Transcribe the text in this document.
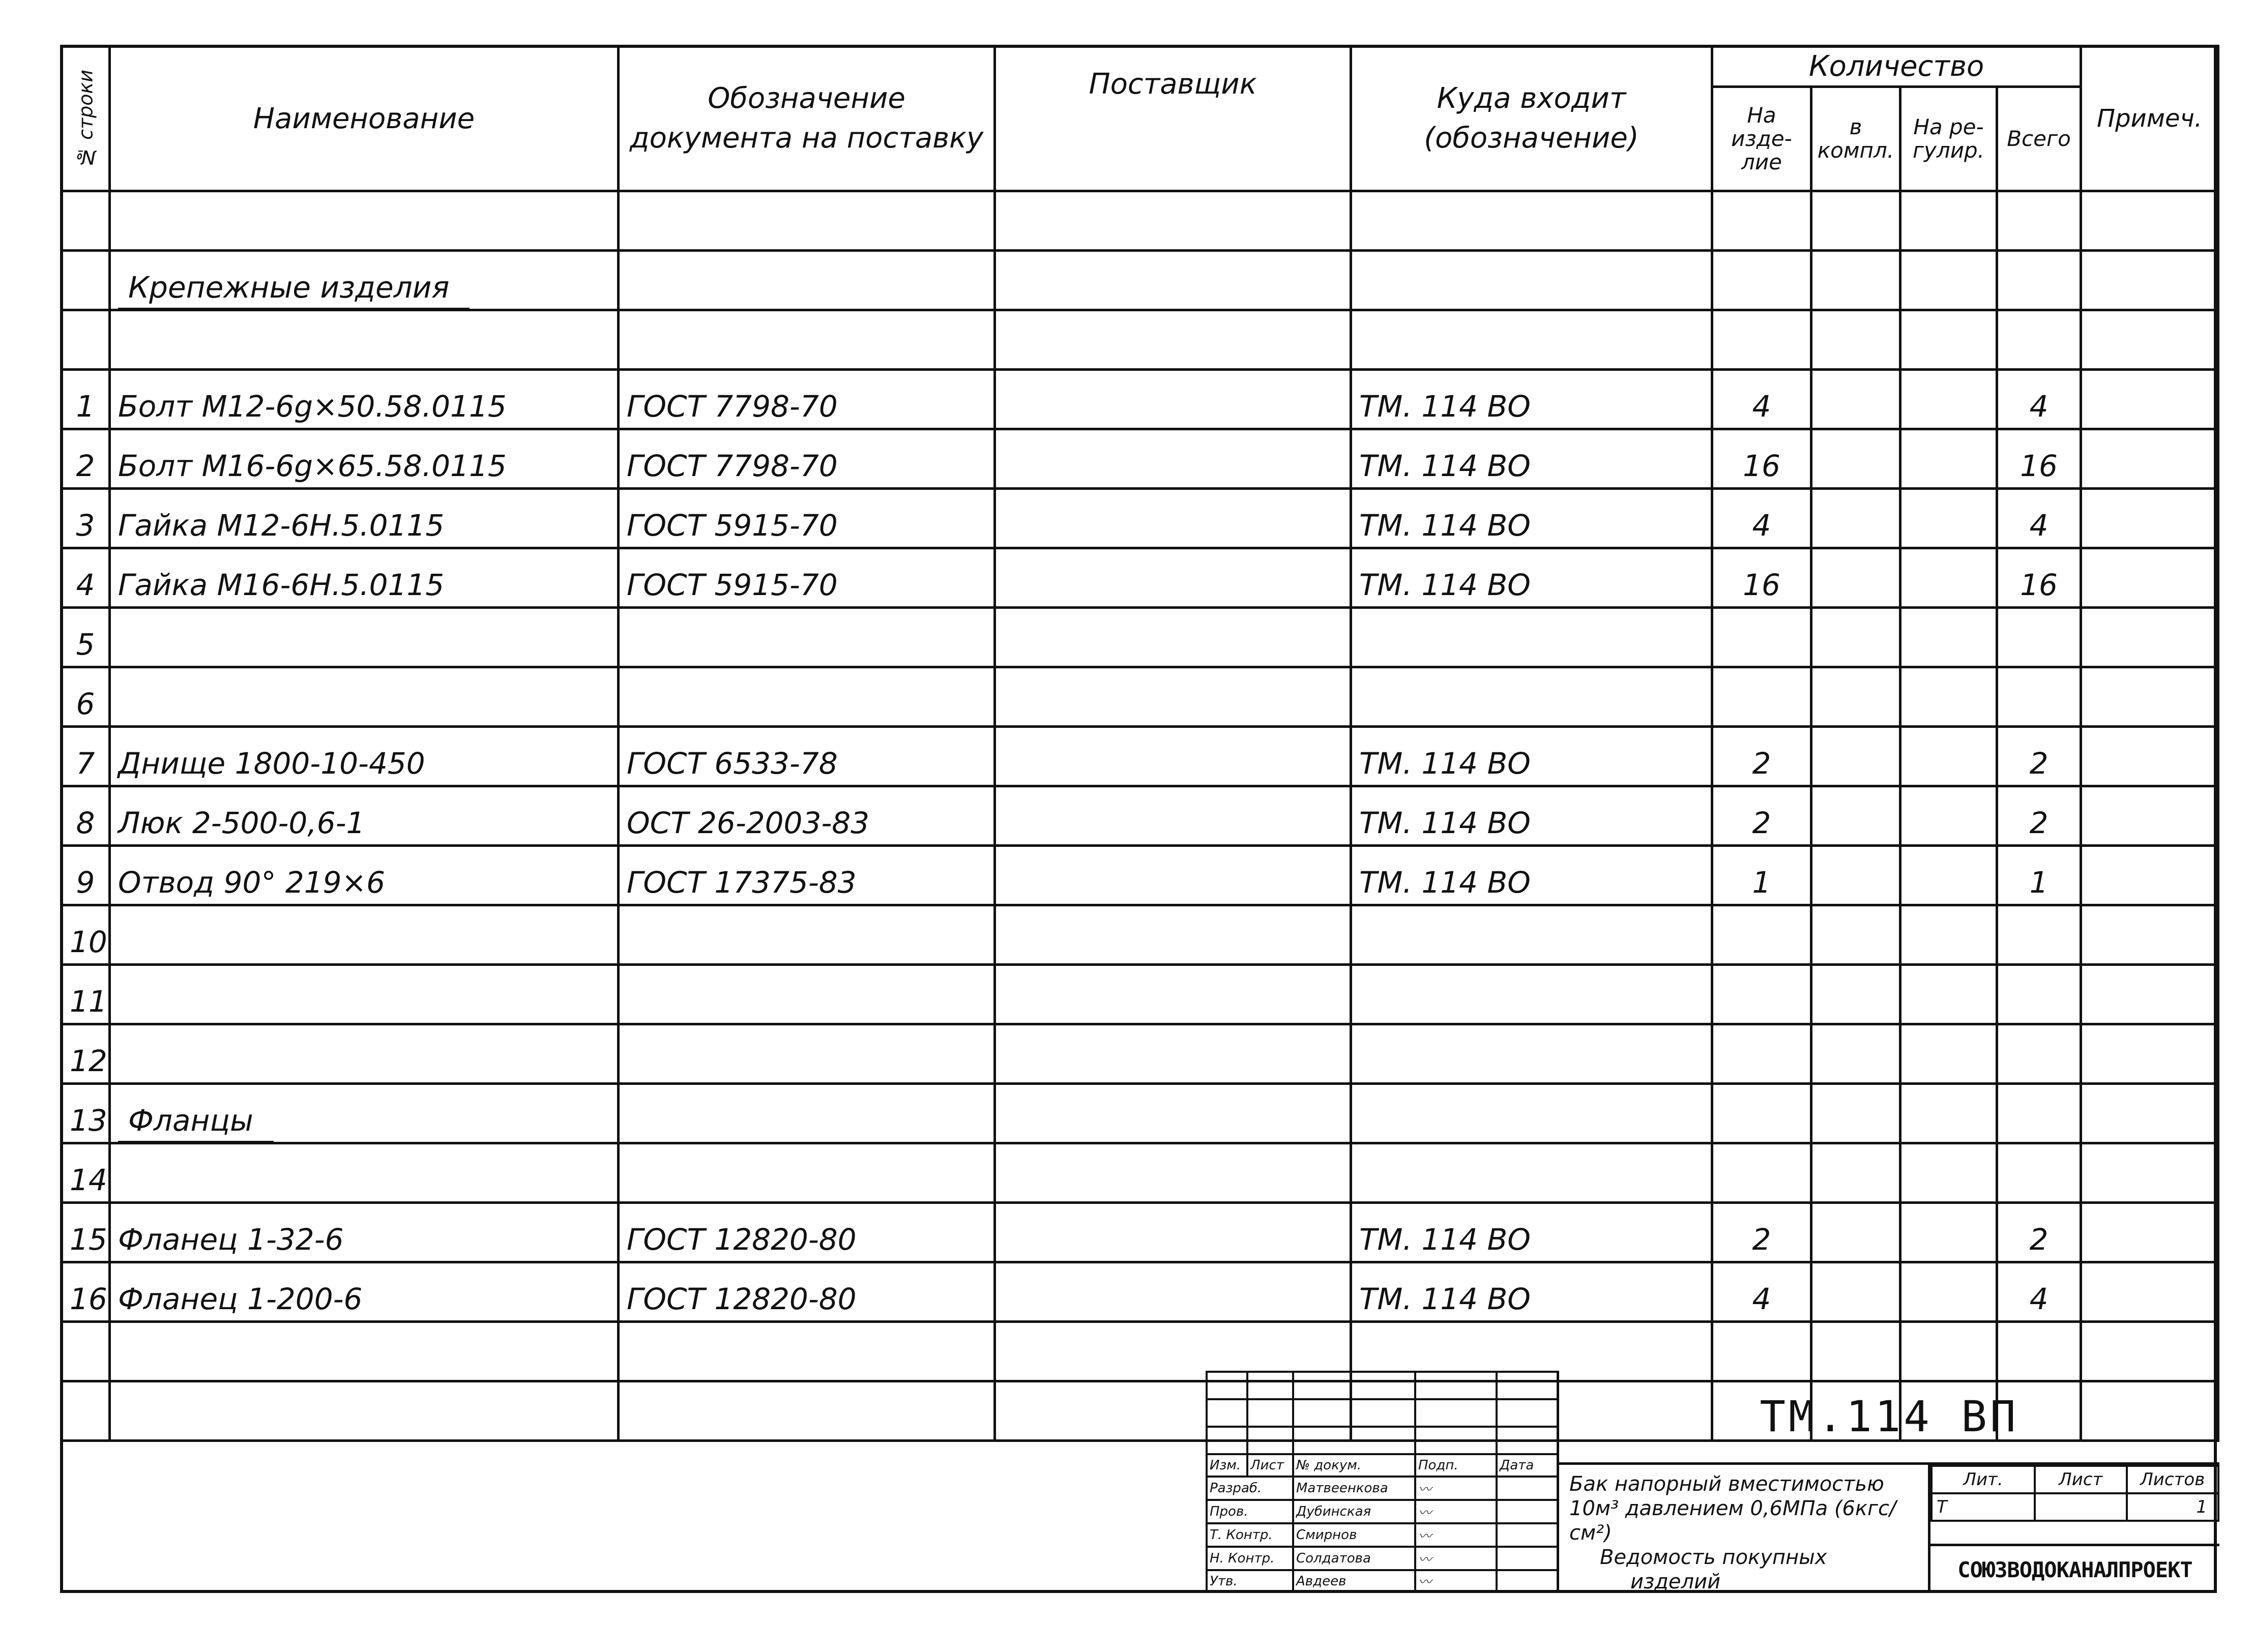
№ строки	Наименование	Обозначение документа на поставку	Поставщик	Куда входит (обозначение)	Количество				Примеч.
					На изде-лие	в компл.	На ре-гулир.	Всего	

	Крепежные изделия								

1	Болт M12-6g×50.58.0115	ГОСТ 7798-70		ТМ. 114 ВО	4			4	
2	Болт M16-6g×65.58.0115	ГОСТ 7798-70		ТМ. 114 ВО	16			16	
3	Гайка M12-6Н.5.0115	ГОСТ 5915-70		ТМ. 114 ВО	4			4	
4	Гайка M16-6Н.5.0115	ГОСТ 5915-70		ТМ. 114 ВО	16			16	
5									
6									
7	Днище 1800-10-450	ГОСТ 6533-78		ТМ. 114 ВО	2			2	
8	Люк 2-500-0,6-1	ОСТ 26-2003-83		ТМ. 114 ВО	2			2	
9	Отвод 90° 219×6	ГОСТ 17375-83		ТМ. 114 ВО	1			1	
10									
11									
12									
13	Фланцы								
14									
15	Фланец 1-32-6	ГОСТ 12820-80		ТМ. 114 ВО	2			2	
16	Фланец 1-200-6	ГОСТ 12820-80		ТМ. 114 ВО	4			4	

Изм.	Лист	№ докум.	Подп.	Дата
Разраб.		Матвеенкова	〰	
Пров.		Дубинская	〰	
Т. Контр.		Смирнов	〰	
Н. Контр.		Солдатова	〰	
Утв.		Авдеев	〰	
ТМ.114 ВП
Бак напорный вместимостью
10м³ давлением 0,6МПа (6кгс/см²)
Ведомость покупных
изделий
Лит.	Лист	Листов
Т		1
СОЮЗВОДОКАНАЛПРОЕКТ
